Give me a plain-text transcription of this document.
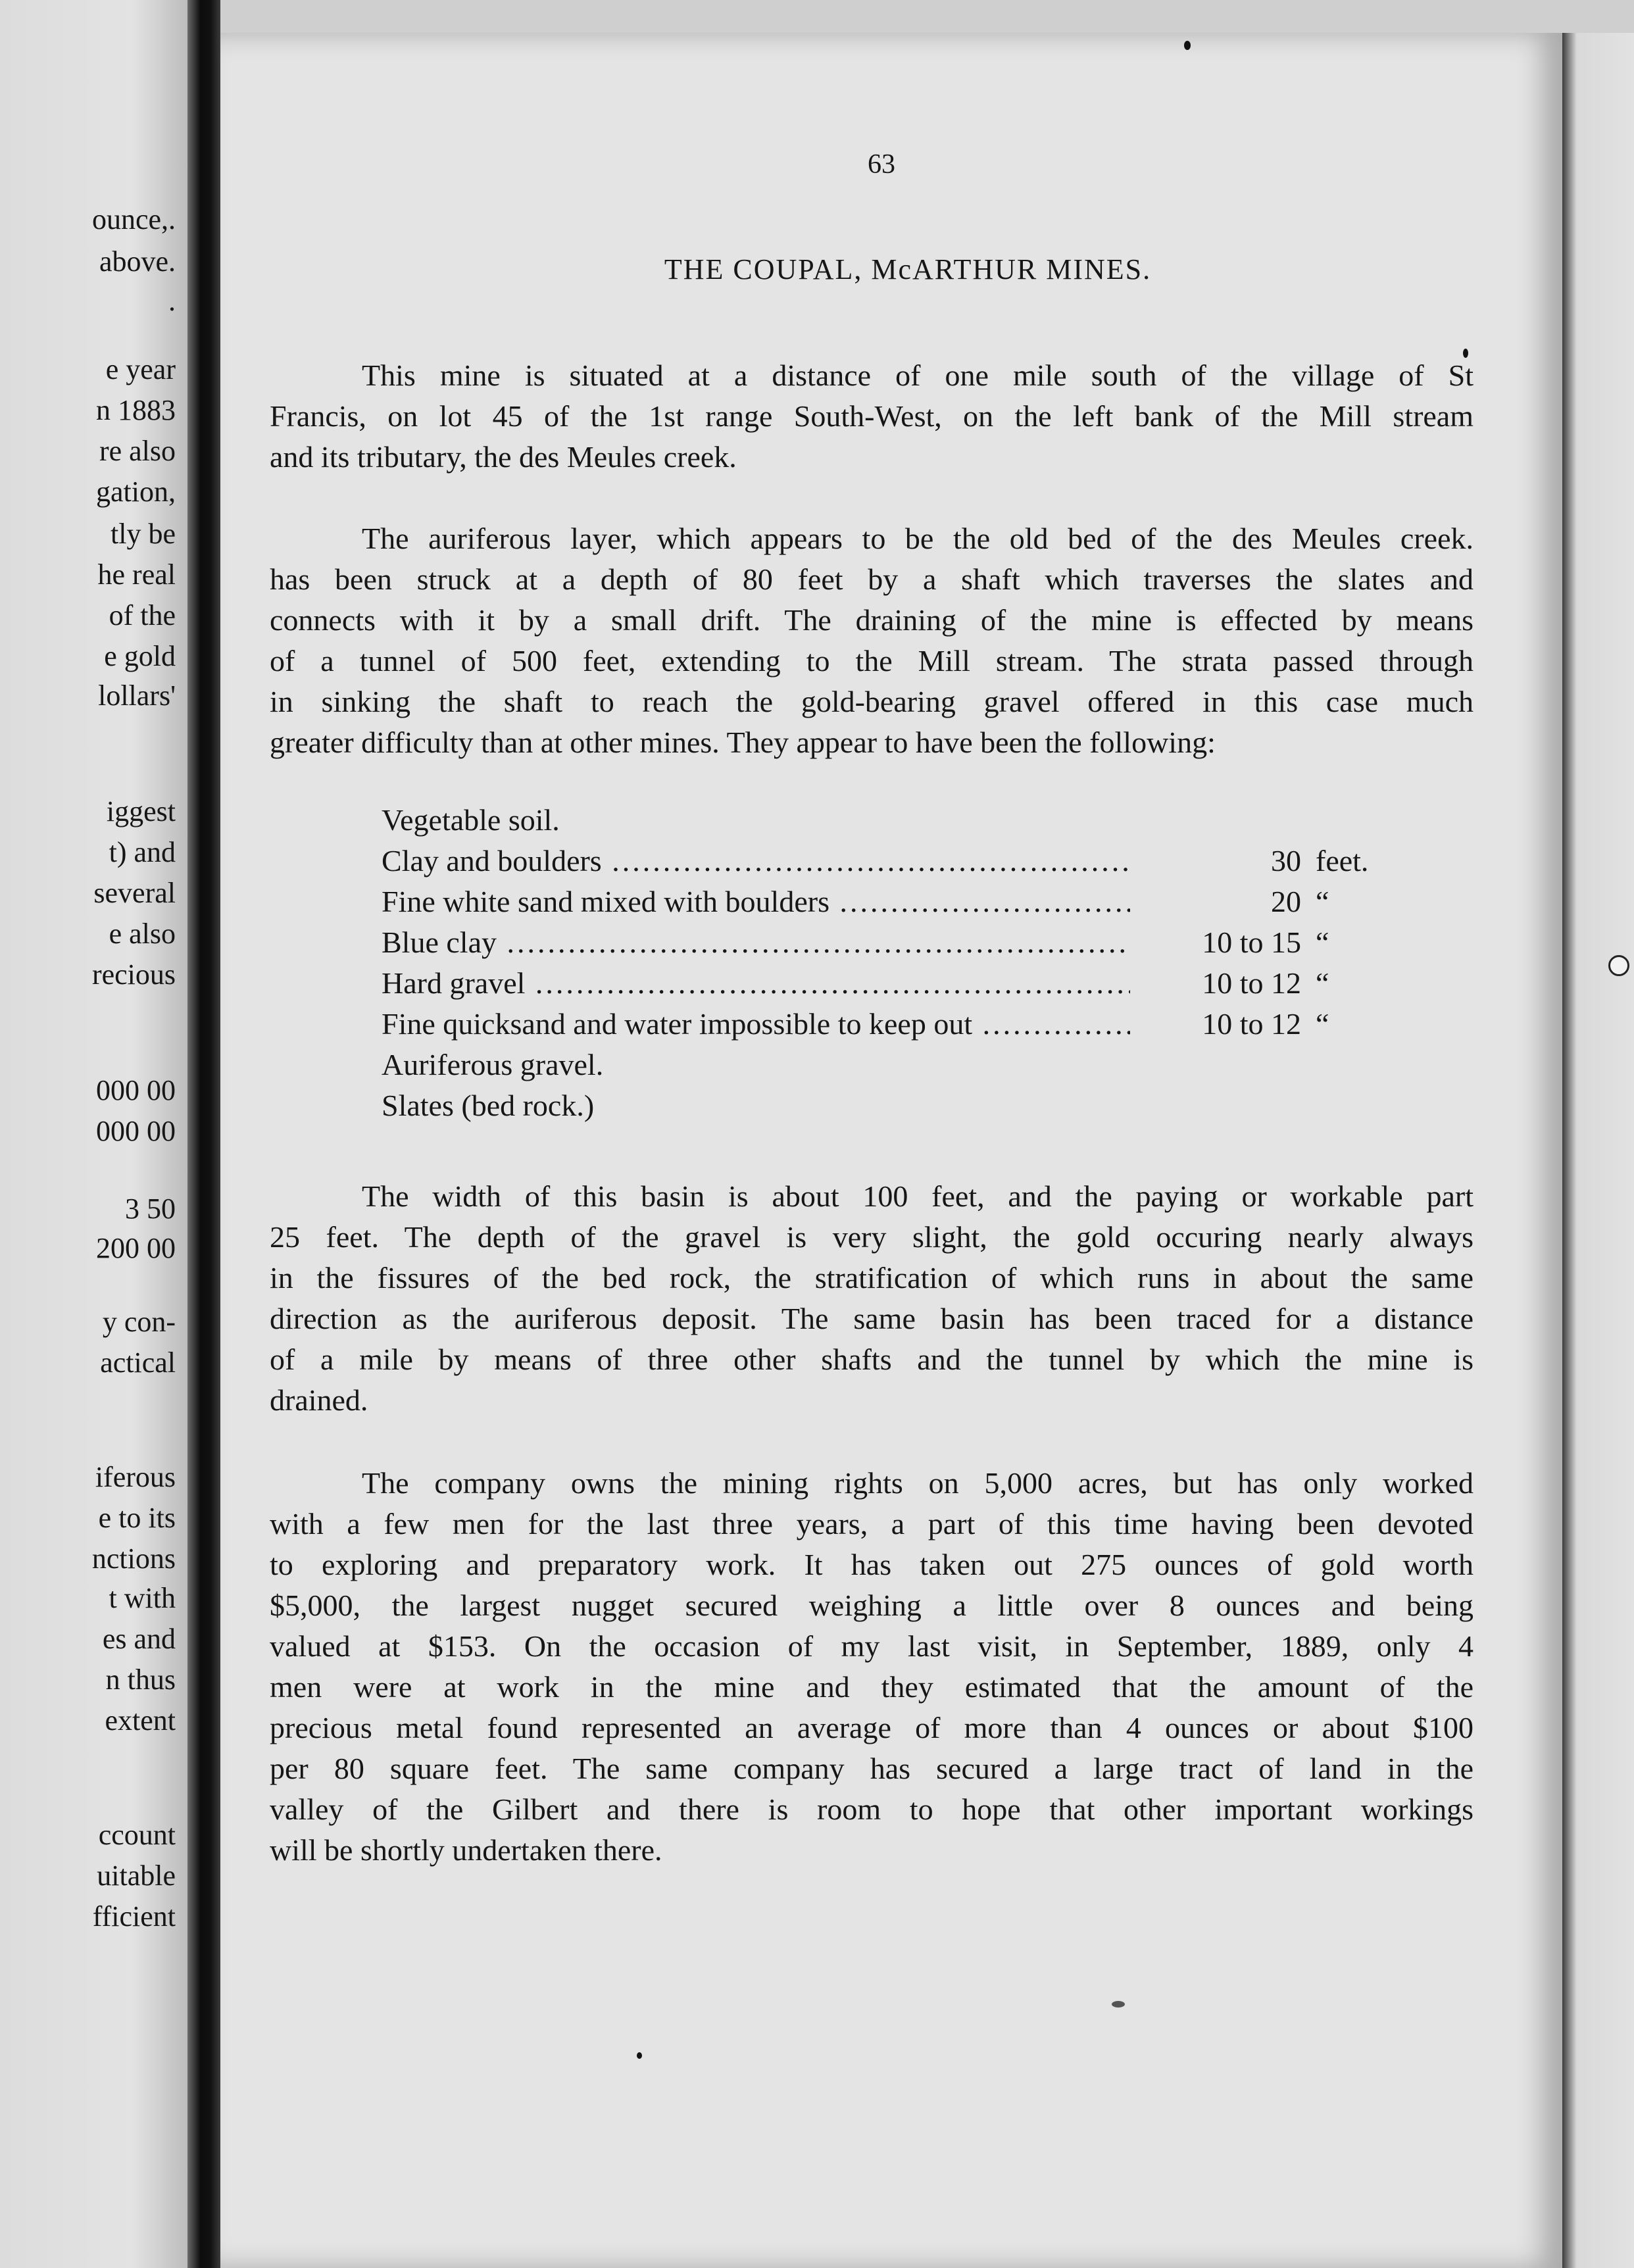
ounce,.
above.
.
e year
n 1883
re also
gation,
tly be
he real
of the
e gold
lollars'
iggest
t) and
several
e also
recious
000 00
000 00
3 50
200 00
y con-
actical
iferous
e to its
nctions
t with
es and
n thus
extent
ccount
uitable
fficient
63
THE COUPAL, McARTHUR MINES.
This mine is situated at a distance of one mile south of the village of St
Francis, on lot 45 of the 1st range South-West, on the left bank of the Mill stream
and its tributary, the des Meules creek.
The auriferous layer, which appears to be the old bed of the des Meules creek.
has been struck at a depth of 80 feet by a shaft which traverses the slates and
connects with it by a small drift. The draining of the mine is effected by means
of a tunnel of 500 feet, extending to the Mill stream. The strata passed through
in sinking the shaft to reach the gold-bearing gravel offered in this case much
greater difficulty than at other mines. They appear to have been the following:
The width of this basin is about 100 feet, and the paying or workable part
25 feet. The depth of the gravel is very slight, the gold occuring nearly always
in the fissures of the bed rock, the stratification of which runs in about the same
direction as the auriferous deposit. The same basin has been traced for a distance
of a mile by means of three other shafts and the tunnel by which the mine is
drained.
The company owns the mining rights on 5,000 acres, but has only worked
with a few men for the last three years, a part of this time having been devoted
to exploring and preparatory work. It has taken out 275 ounces of gold worth
$5,000, the largest nugget secured weighing a little over 8 ounces and being
valued at $153. On the occasion of my last visit, in September, 1889, only 4
men were at work in the mine and they estimated that the amount of the
precious metal found represented an average of more than 4 ounces or about $100
per 80 square feet. The same company has secured a large tract of land in the
valley of the Gilbert and there is room to hope that other important workings
will be shortly undertaken there.
Vegetable soil.
Clay and boulders .....	30 feet.
Fine white sand mixed with boulders .....	20 “
Blue clay .....	10 to 15 “
Hard gravel .....	10 to 12 “
Fine quicksand and water impossible to keep out .....	10 to 12 “
Auriferous gravel.
Slates (bed rock.)
